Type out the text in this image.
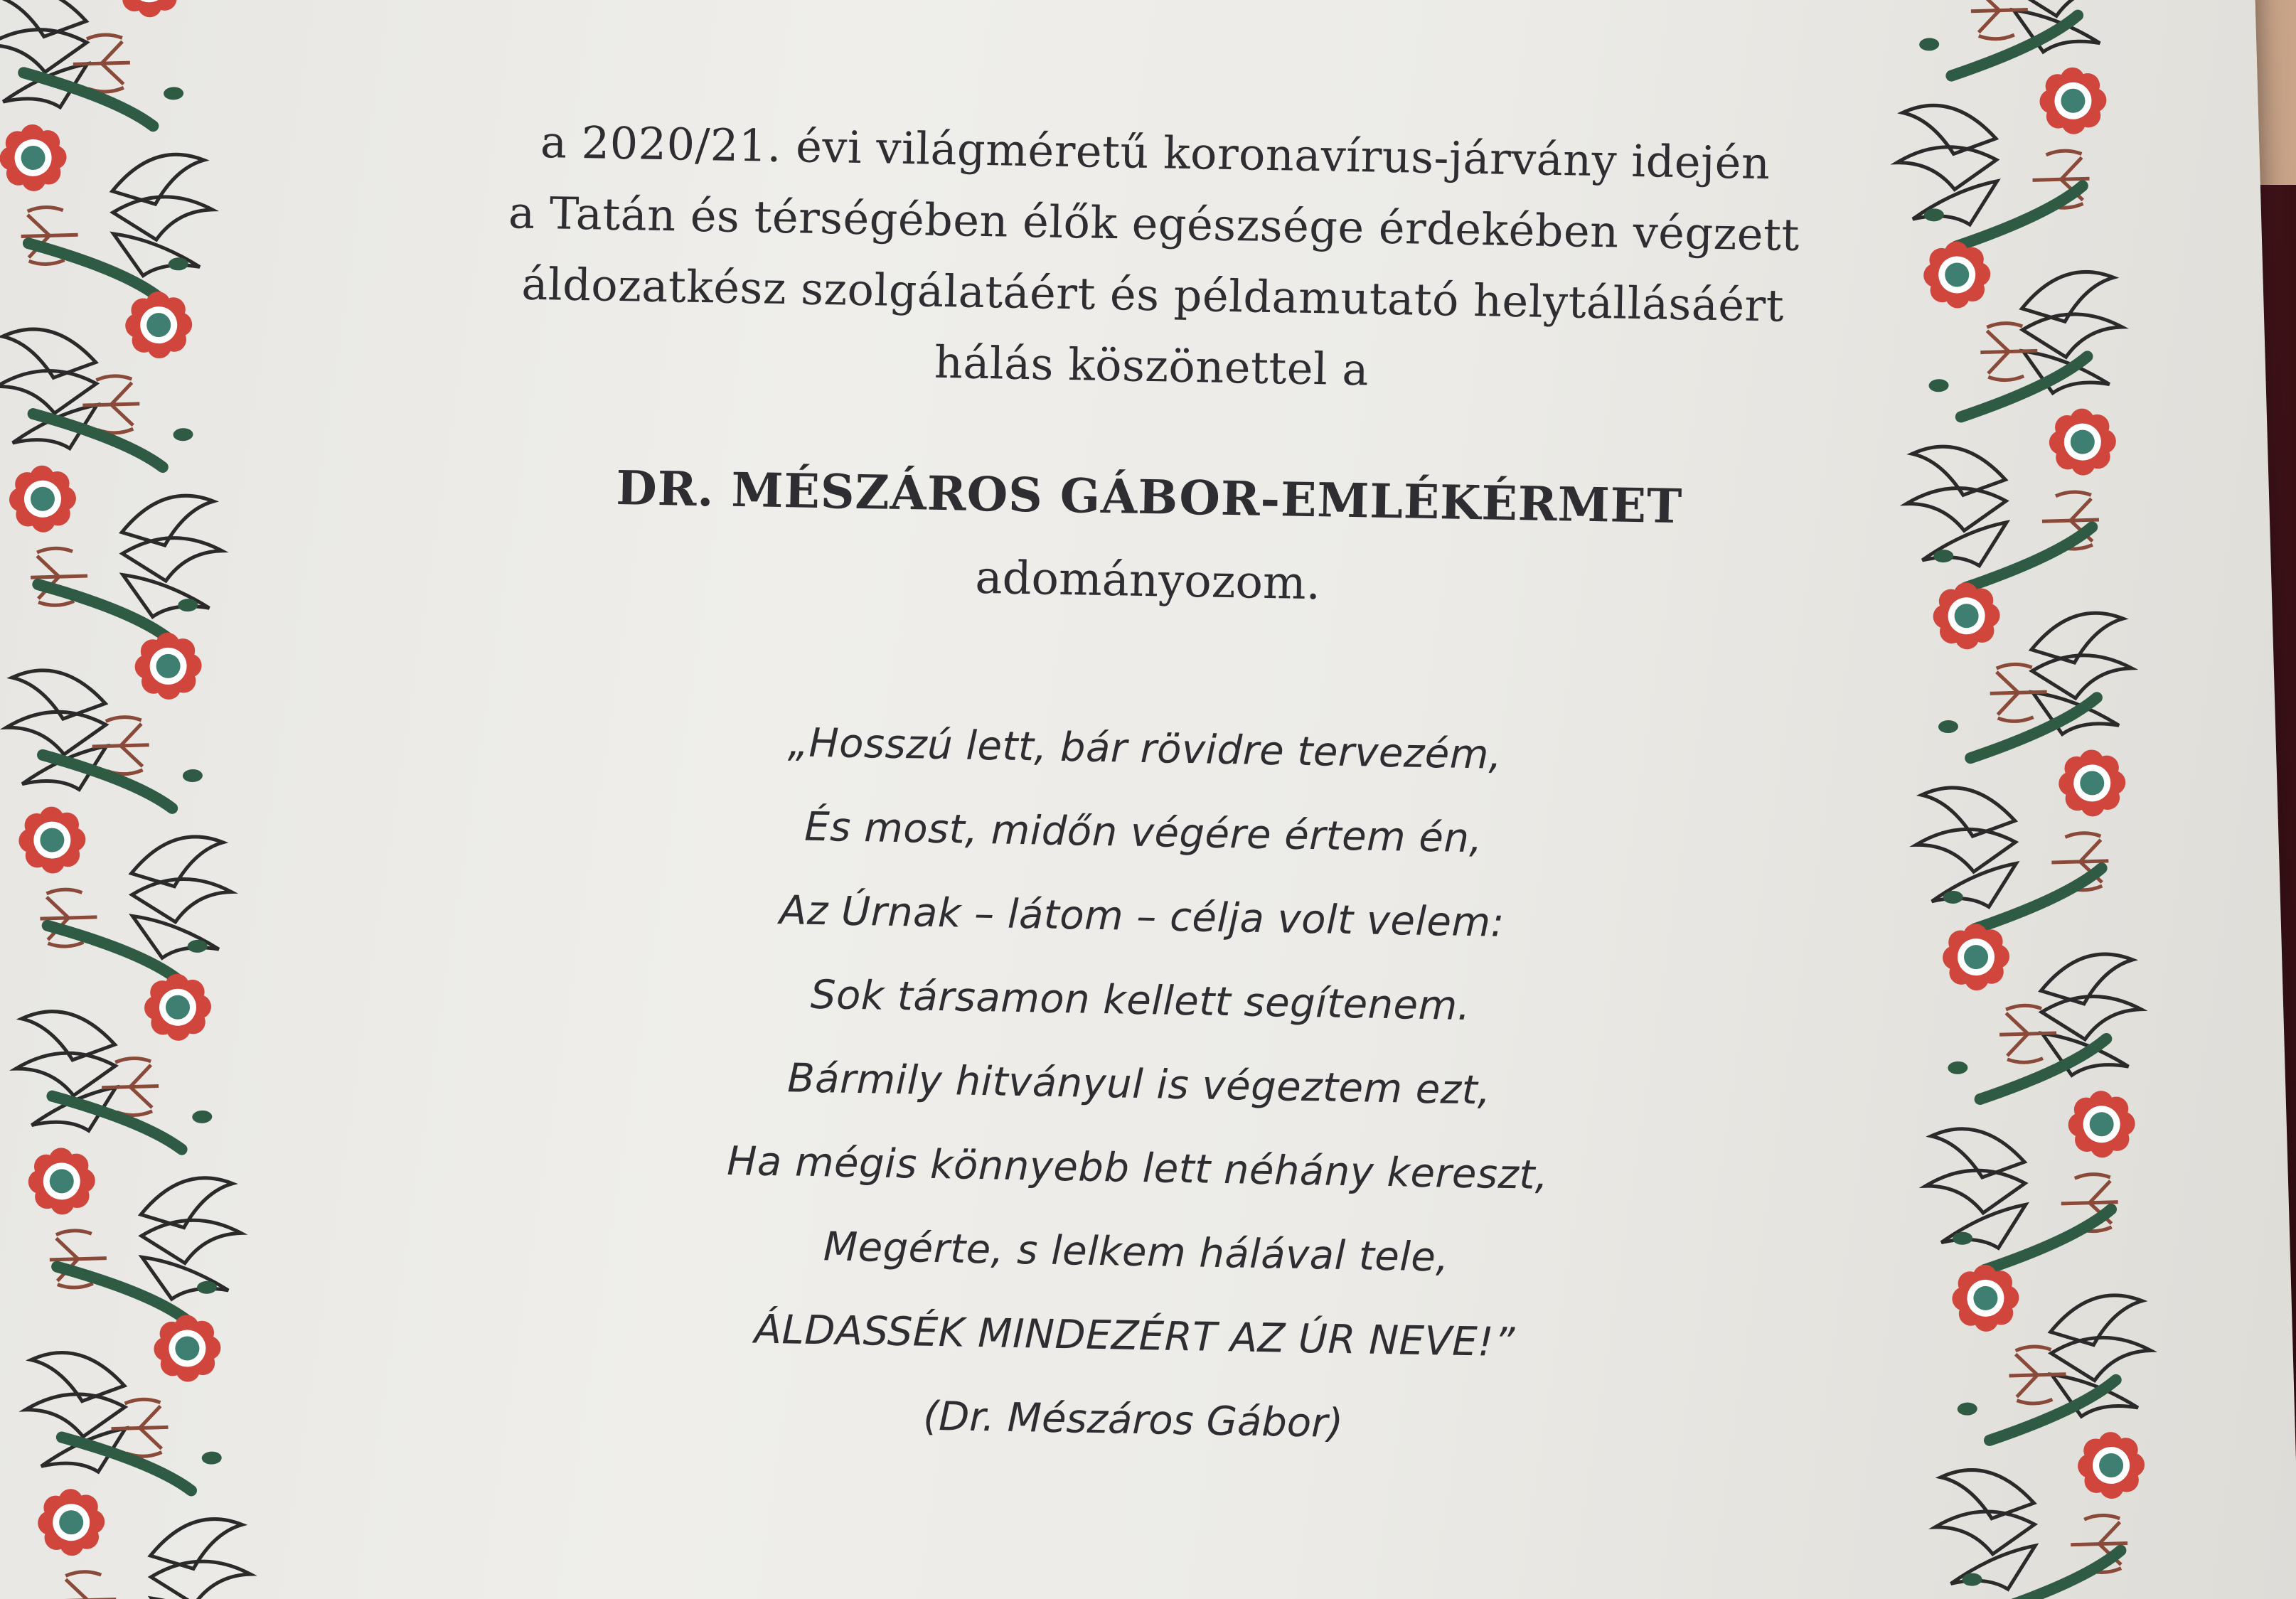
a 2020/21. évi világméretű koronavírus-járvány idején

a Tatán és térségében élők egészsége érdekében végzett

áldozatkész szolgálatáért és példamutató helytállásáért

hálás köszönettel a

DR. MÉSZÁROS GÁBOR-EMLÉKÉRMET

adományozom.

„Hosszú lett, bár rövidre tervezém,

És most, midőn végére értem én,

Az Úrnak – látom – célja volt velem:

Sok társamon kellett segítenem.

Bármily hitványul is végeztem ezt,

Ha mégis könnyebb lett néhány kereszt,

Megérte, s lelkem hálával tele,

ÁLDASSÉK MINDEZÉRT AZ ÚR NEVE!”

(Dr. Mészáros Gábor)
